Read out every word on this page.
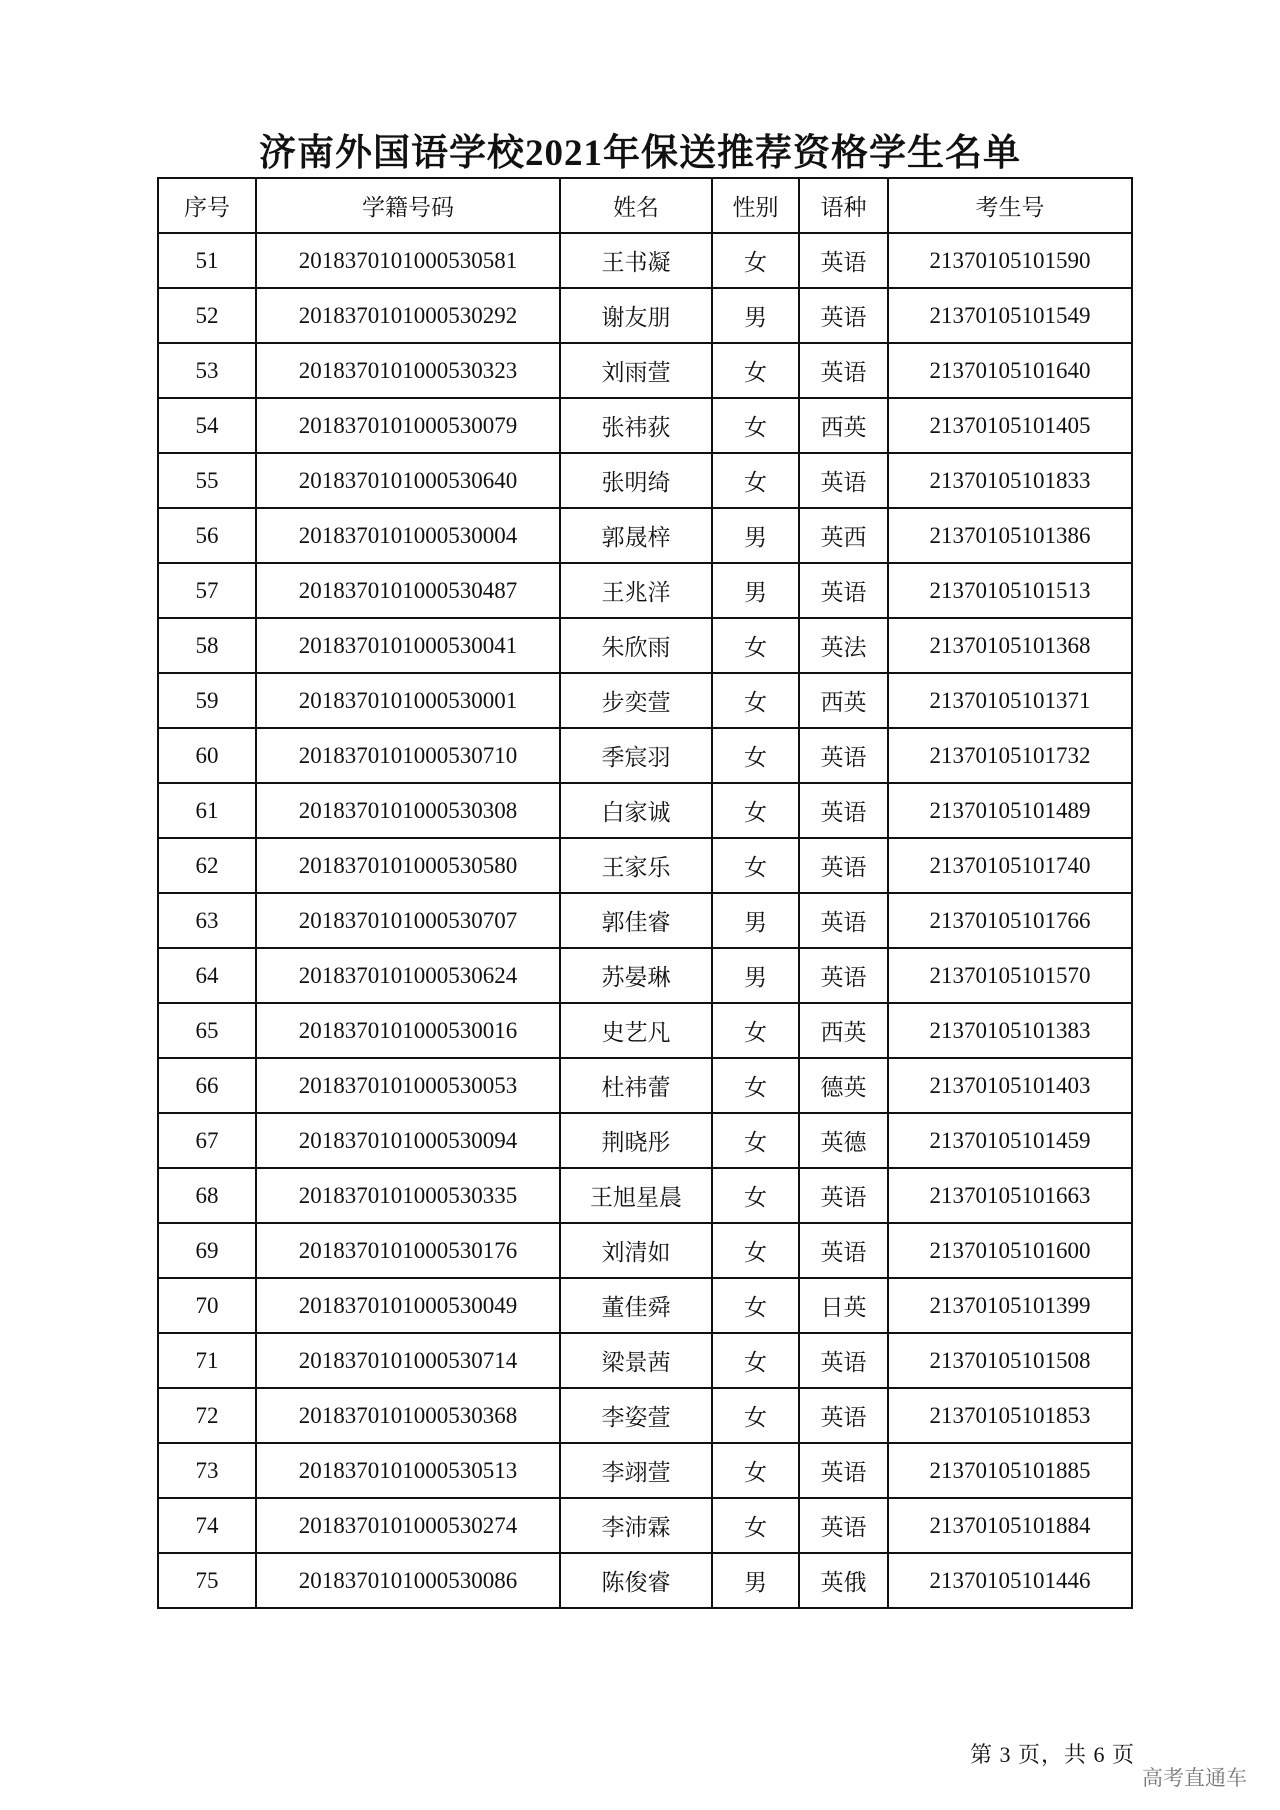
济南外国语学校2021年保送推荐资格学生名单
序号	学籍号码	姓名	性别	语种	考生号
51	2018370101000530581	王书凝	女	英语	21370105101590
52	2018370101000530292	谢友朋	男	英语	21370105101549
53	2018370101000530323	刘雨萱	女	英语	21370105101640
54	2018370101000530079	张祎荻	女	西英	21370105101405
55	2018370101000530640	张明绮	女	英语	21370105101833
56	2018370101000530004	郭晟梓	男	英西	21370105101386
57	2018370101000530487	王兆洋	男	英语	21370105101513
58	2018370101000530041	朱欣雨	女	英法	21370105101368
59	2018370101000530001	步奕萱	女	西英	21370105101371
60	2018370101000530710	季宸羽	女	英语	21370105101732
61	2018370101000530308	白家诚	女	英语	21370105101489
62	2018370101000530580	王家乐	女	英语	21370105101740
63	2018370101000530707	郭佳睿	男	英语	21370105101766
64	2018370101000530624	苏晏琳	男	英语	21370105101570
65	2018370101000530016	史艺凡	女	西英	21370105101383
66	2018370101000530053	杜祎蕾	女	德英	21370105101403
67	2018370101000530094	荆晓彤	女	英德	21370105101459
68	2018370101000530335	王旭星晨	女	英语	21370105101663
69	2018370101000530176	刘清如	女	英语	21370105101600
70	2018370101000530049	董佳舜	女	日英	21370105101399
71	2018370101000530714	梁景茜	女	英语	21370105101508
72	2018370101000530368	李姿萱	女	英语	21370105101853
73	2018370101000530513	李翊萱	女	英语	21370105101885
74	2018370101000530274	李沛霖	女	英语	21370105101884
75	2018370101000530086	陈俊睿	男	英俄	21370105101446
第 3 页，共 6 页
高考直通车
